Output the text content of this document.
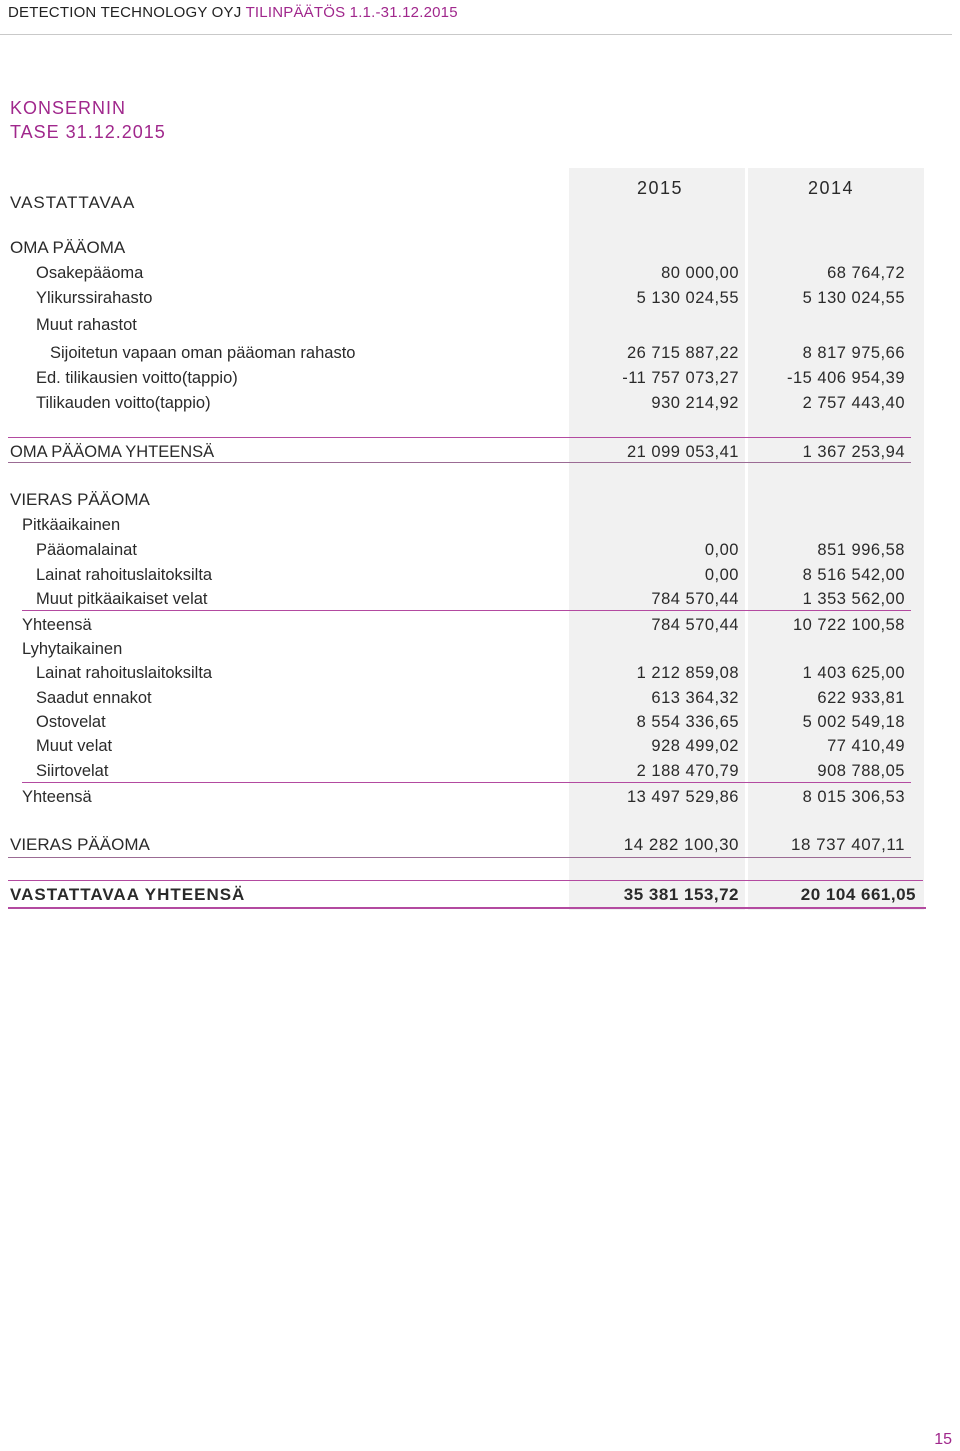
DETECTION TECHNOLOGY OYJ TILINPÄÄTÖS 1.1.-31.12.2015
KONSERNIN
TASE 31.12.2015
VASTATTAVAA
2015	2014
OMA PÄÄOMA
Osakepääoma	80 000,00	68 764,72
Ylikurssirahasto	5 130 024,55	5 130 024,55
Muut rahastot
Sijoitetun vapaan oman pääoman rahasto	26 715 887,22	8 817 975,66
Ed. tilikausien voitto(tappio)	-11 757 073,27	-15 406 954,39
Tilikauden voitto(tappio)	930 214,92	2 757 443,40
OMA PÄÄOMA YHTEENSÄ	21 099 053,41	1 367 253,94
VIERAS PÄÄOMA
Pitkäaikainen
Pääomalainat	0,00	851 996,58
Lainat rahoituslaitoksilta	0,00	8 516 542,00
Muut pitkäaikaiset velat	784 570,44	1 353 562,00
Yhteensä	784 570,44	10 722 100,58
Lyhytaikainen
Lainat rahoituslaitoksilta	1 212 859,08	1 403 625,00
Saadut ennakot	613 364,32	622 933,81
Ostovelat	8 554 336,65	5 002 549,18
Muut velat	928 499,02	77 410,49
Siirtovelat	2 188 470,79	908 788,05
Yhteensä	13 497 529,86	8 015 306,53
VIERAS PÄÄOMA	14 282 100,30	18 737 407,11
VASTATTAVAA YHTEENSÄ	35 381 153,72	20 104 661,05
15
